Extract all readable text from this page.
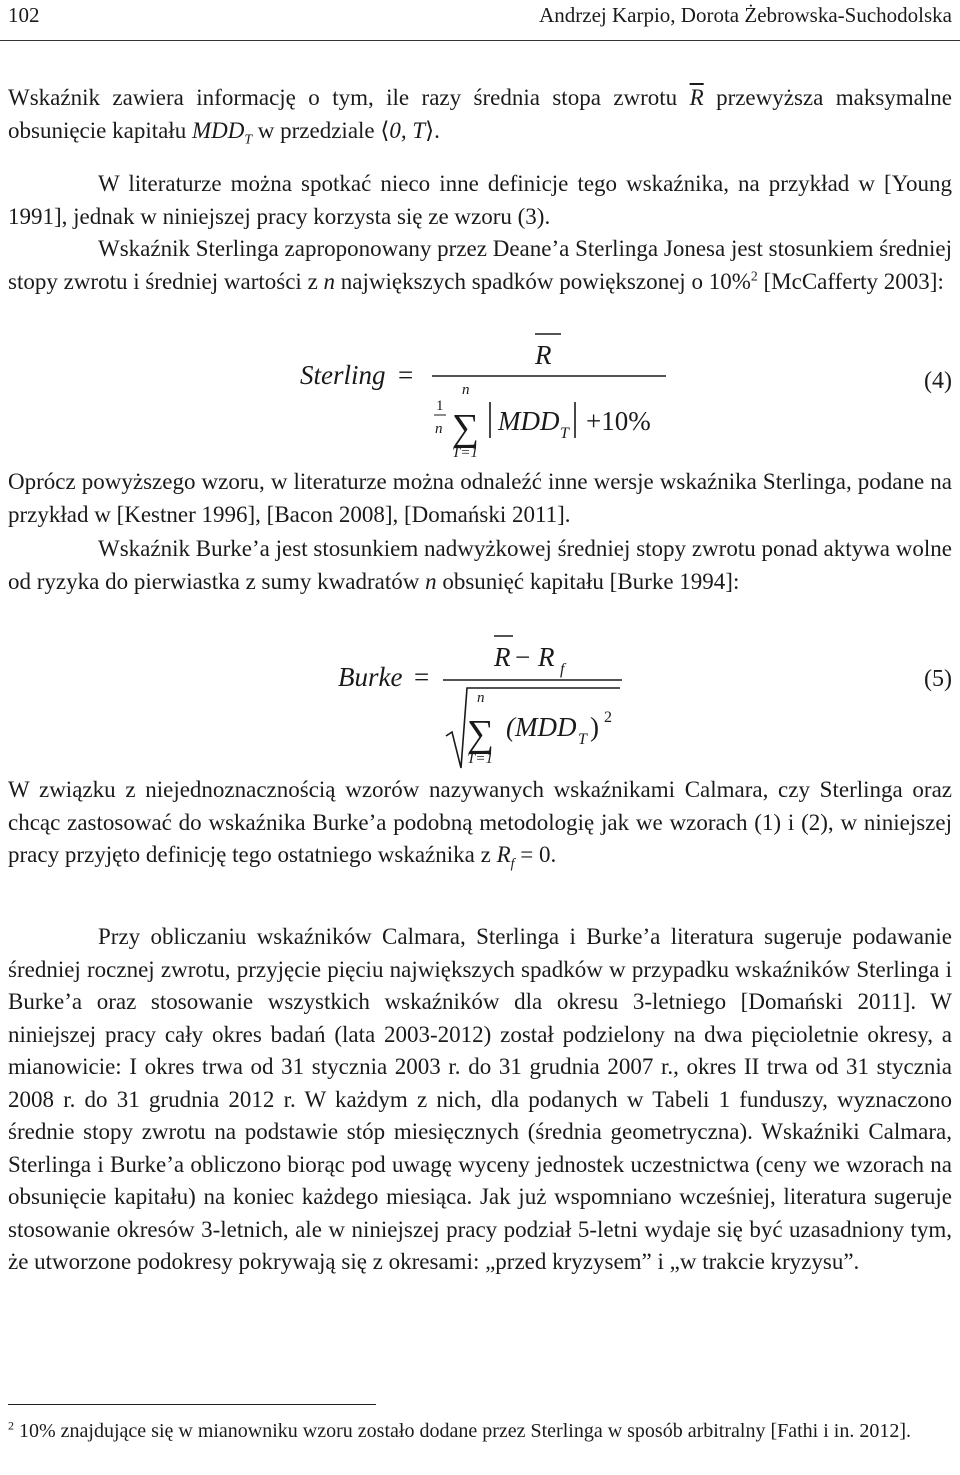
102	Andrzej Karpio, Dorota Żebrowska-Suchodolska

Wskaźnik zawiera informację o tym, ile razy średnia stopa zwrotu $\overline{R}$ przewyższa maksymalne obsunięcie kapitału $MDD_T$ w przedziale ⟨0, T⟩.

W literaturze można spotkać nieco inne definicje tego wskaźnika, na przykład w [Young 1991], jednak w niniejszej pracy korzysta się ze wzoru (3).

Wskaźnik Sterlinga zaproponowany przez Deane’a Sterlinga Jonesa jest stosunkiem średniej stopy zwrotu i średniej wartości z n największych spadków powiększonej o 10%$^2$ [McCafferty 2003]:

Sterling =
R
1
n
n
∑
T=1
MDD T +10%
(4)

Oprócz powyższego wzoru, w literaturze można odnaleźć inne wersje wskaźnika Sterlinga, podane na przykład w [Kestner 1996], [Bacon 2008], [Domański 2011].

Wskaźnik Burke’a jest stosunkiem nadwyżkowej średniej stopy zwrotu ponad aktywa wolne od ryzyka do pierwiastka z sumy kwadratów n obsunięć kapitału [Burke 1994]:

Burke =
R − R f
n
∑
T=1
(MDD T ) 2
(5)

W związku z niejednoznacznością wzorów nazywanych wskaźnikami Calmara, czy Sterlinga oraz chcąc zastosować do wskaźnika Burke’a podobną metodologię jak we wzorach (1) i (2), w niniejszej pracy przyjęto definicję tego ostatniego wskaźnika z $R_f = 0$.

Przy obliczaniu wskaźników Calmara, Sterlinga i Burke’a literatura sugeruje podawanie średniej rocznej zwrotu, przyjęcie pięciu największych spadków w przypadku wskaźników Sterlinga i Burke’a oraz stosowanie wszystkich wskaźników dla okresu 3-letniego [Domański 2011]. W niniejszej pracy cały okres badań (lata 2003-2012) został podzielony na dwa pięcioletnie okresy, a mianowicie: I okres trwa od 31 stycznia 2003 r. do 31 grudnia 2007 r., okres II trwa od 31 stycznia 2008 r. do 31 grudnia 2012 r. W każdym z nich, dla podanych w Tabeli 1 funduszy, wyznaczono średnie stopy zwrotu na podstawie stóp miesięcznych (średnia geometryczna). Wskaźniki Calmara, Sterlinga i Burke’a obliczono biorąc pod uwagę wyceny jednostek uczestnictwa (ceny we wzorach na obsunięcie kapitału) na koniec każdego miesiąca. Jak już wspomniano wcześniej, literatura sugeruje stosowanie okresów 3-letnich, ale w niniejszej pracy podział 5-letni wydaje się być uzasadniony tym, że utworzone podokresy pokrywają się z okresami: „przed kryzysem” i „w trakcie kryzysu”.

$^2$ 10% znajdujące się w mianowniku wzoru zostało dodane przez Sterlinga w sposób arbitralny [Fathi i in. 2012].
